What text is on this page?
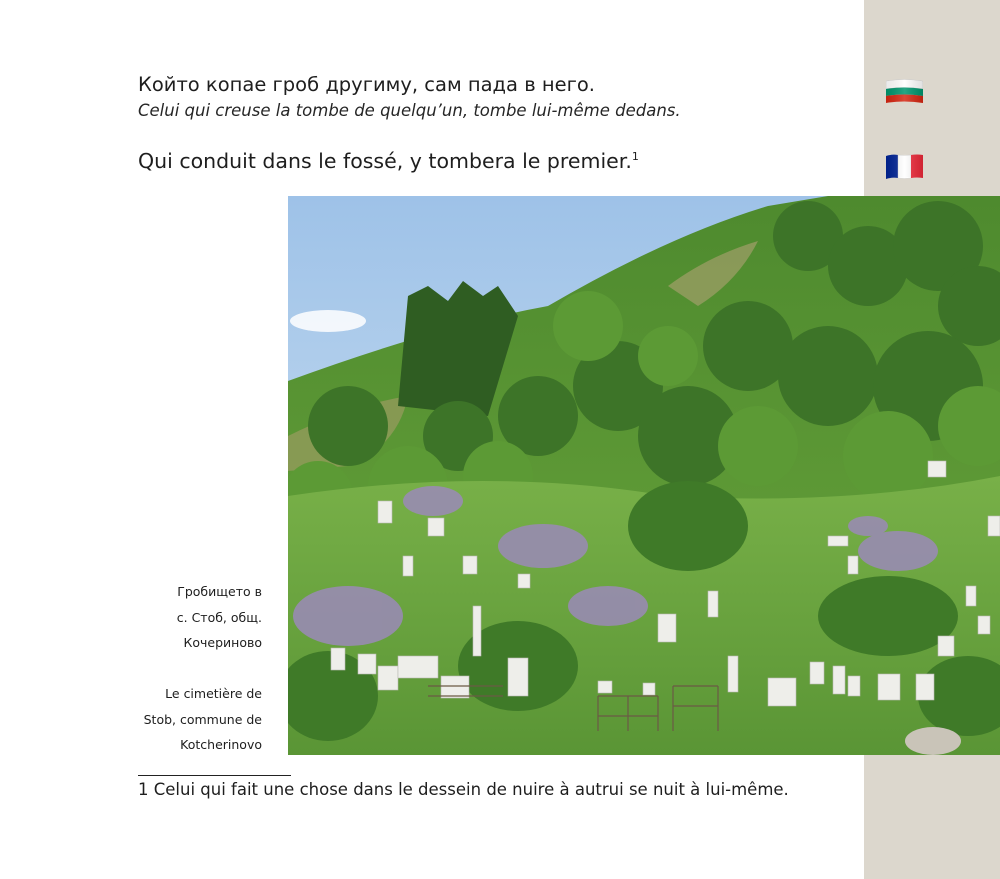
Който копае гроб другиму, сам пада в него.
Celui qui creuse la tombe de quelqu’un, tombe lui-même dedans.
Qui conduit dans le fossé, y tombera le premier.$^1$
Гробището в
с. Стоб, общ.
Кочериново
Le cimetière de
Stob, commune de
Kotcherinovo
1 Celui qui fait une chose dans le dessein de nuire à autrui se nuit à lui-même.
